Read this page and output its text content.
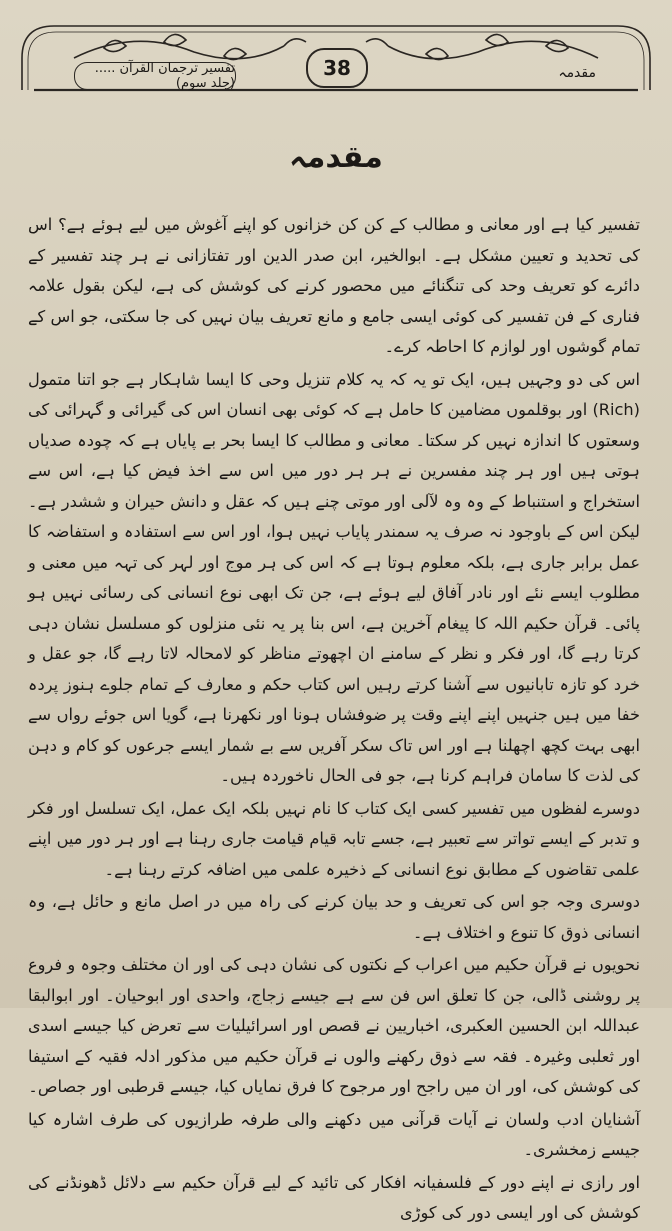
تفسیر ترجمان القرآن ..... (جلد سوم)
38	مقدمہ
مقدمہ

تفسیر کیا ہے اور معانی و مطالب کے کن کن خزانوں کو اپنے آغوش میں لیے ہوئے ہے؟ اس کی تحدید و تعیین مشکل ہے۔ ابوالخیر، ابن صدر الدین اور تفتازانی نے ہر چند تفسیر کے دائرے کو تعریف وحد کی تنگنائے میں محصور کرنے کی کوشش کی ہے، لیکن بقول علامہ فناری کے فن تفسیر کی کوئی ایسی جامع و مانع تعریف بیان نہیں کی جا سکتی، جو اس کے تمام گوشوں اور لوازم کا احاطہ کرے۔

اس کی دو وجہیں ہیں، ایک تو یہ کہ یہ کلام تنزیل وحی کا ایسا شاہکار ہے جو اتنا متمول (Rich) اور بوقلموں مضامین کا حامل ہے کہ کوئی بھی انسان اس کی گیرائی و گہرائی کی وسعتوں کا اندازہ نہیں کر سکتا۔ معانی و مطالب کا ایسا بحر بے پایاں ہے کہ چودہ صدیاں ہوتی ہیں اور ہر چند مفسرین نے ہر ہر دور میں اس سے اخذ فیض کیا ہے، اس سے استخراج و استنباط کے وہ وہ لآلی اور موتی چنے ہیں کہ عقل و دانش حیران و ششدر ہے۔ لیکن اس کے باوجود نہ صرف یہ سمندر پایاب نہیں ہوا، اور اس سے استفادہ و استفاضہ کا عمل برابر جاری ہے، بلکہ معلوم ہوتا ہے کہ اس کی ہر موج اور لہر کی تہہ میں معنی و مطلوب ایسے نئے اور نادر آفاق لیے ہوئے ہے، جن تک ابھی نوع انسانی کی رسائی نہیں ہو پائی۔ قرآن حکیم اللہ کا پیغام آخرین ہے، اس بنا پر یہ نئی منزلوں کو مسلسل نشان دہی کرتا رہے گا، اور فکر و نظر کے سامنے ان اچھوتے مناظر کو لامحالہ لاتا رہے گا، جو عقل و خرد کو تازہ تابانیوں سے آشنا کرتے رہیں اس کتاب حکم و معارف کے تمام جلوے ہنوز پردہ خفا میں ہیں جنہیں اپنے اپنے وقت پر ضوفشاں ہونا اور نکھرنا ہے، گویا اس جوئے رواں سے ابھی بہت کچھ اچھلنا ہے اور اس تاک سکر آفریں سے بے شمار ایسے جرعوں کو کام و دہن کی لذت کا سامان فراہم کرنا ہے، جو فی الحال ناخوردہ ہیں۔

دوسرے لفظوں میں تفسیر کسی ایک کتاب کا نام نہیں بلکہ ایک عمل، ایک تسلسل اور فکر و تدبر کے ایسے تواتر سے تعبیر ہے، جسے تابہ قیام قیامت جاری رہنا ہے اور ہر دور میں اپنے علمی تقاضوں کے مطابق نوع انسانی کے ذخیرہ علمی میں اضافہ کرتے رہنا ہے۔

دوسری وجہ جو اس کی تعریف و حد بیان کرنے کی راہ میں در اصل مانع و حائل ہے، وہ انسانی ذوق کا تنوع و اختلاف ہے۔

نحویوں نے قرآن حکیم میں اعراب کے نکتوں کی نشان دہی کی اور ان مختلف وجوہ و فروع پر روشنی ڈالی، جن کا تعلق اس فن سے ہے جیسے زجاج، واحدی اور ابوحیان۔ اور ابوالبقا عبداللہ ابن الحسین العکبری، اخباریین نے قصص اور اسرائیلیات سے تعرض کیا جیسے اسدی اور ثعلبی وغیرہ۔ فقہ سے ذوق رکھنے والوں نے قرآن حکیم میں مذکور ادلہ فقیہ کے استیفا کی کوشش کی، اور ان میں راجح اور مرجوح کا فرق نمایاں کیا، جیسے قرطبی اور جصاص۔

آشنایان ادب ولسان نے آیات قرآنی میں دکھنے والی طرفہ طرازیوں کی طرف اشارہ کیا جیسے زمخشری۔

اور رازی نے اپنے دور کے فلسفیانہ افکار کی تائید کے لیے قرآن حکیم سے دلائل ڈھونڈنے کی کوشش کی اور ایسی دور کی کوڑی
